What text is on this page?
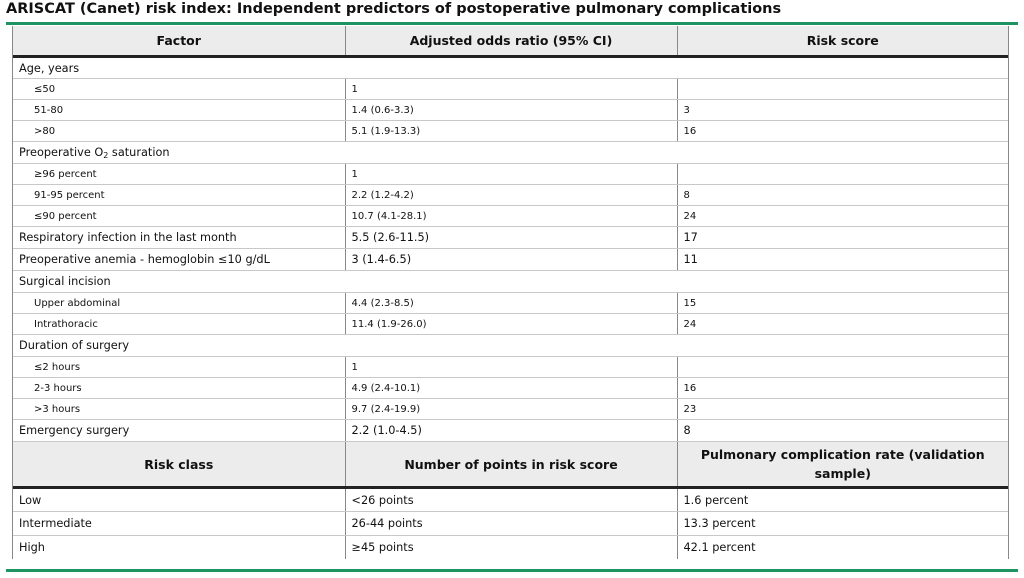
ARISCAT (Canet) risk index: Independent predictors of postoperative pulmonary complications
Factor	Adjusted odds ratio (95% CI)	Risk score
Age, years		
≤50	1	
51-80	1.4 (0.6-3.3)	3
>80	5.1 (1.9-13.3)	16
Preoperative $O_2$ saturation		
≥96 percent	1	
91-95 percent	2.2 (1.2-4.2)	8
≤90 percent	10.7 (4.1-28.1)	24
Respiratory infection in the last month	5.5 (2.6-11.5)	17
Preoperative anemia - hemoglobin ≤10 g/dL	3 (1.4-6.5)	11
Surgical incision		
Upper abdominal	4.4 (2.3-8.5)	15
Intrathoracic	11.4 (1.9-26.0)	24
Duration of surgery		
≤2 hours	1	
2-3 hours	4.9 (2.4-10.1)	16
>3 hours	9.7 (2.4-19.9)	23
Emergency surgery	2.2 (1.0-4.5)	8
Risk class	Number of points in risk score	Pulmonary complication rate (validation sample)
Low	<26 points	1.6 percent
Intermediate	26-44 points	13.3 percent
High	≥45 points	42.1 percent
